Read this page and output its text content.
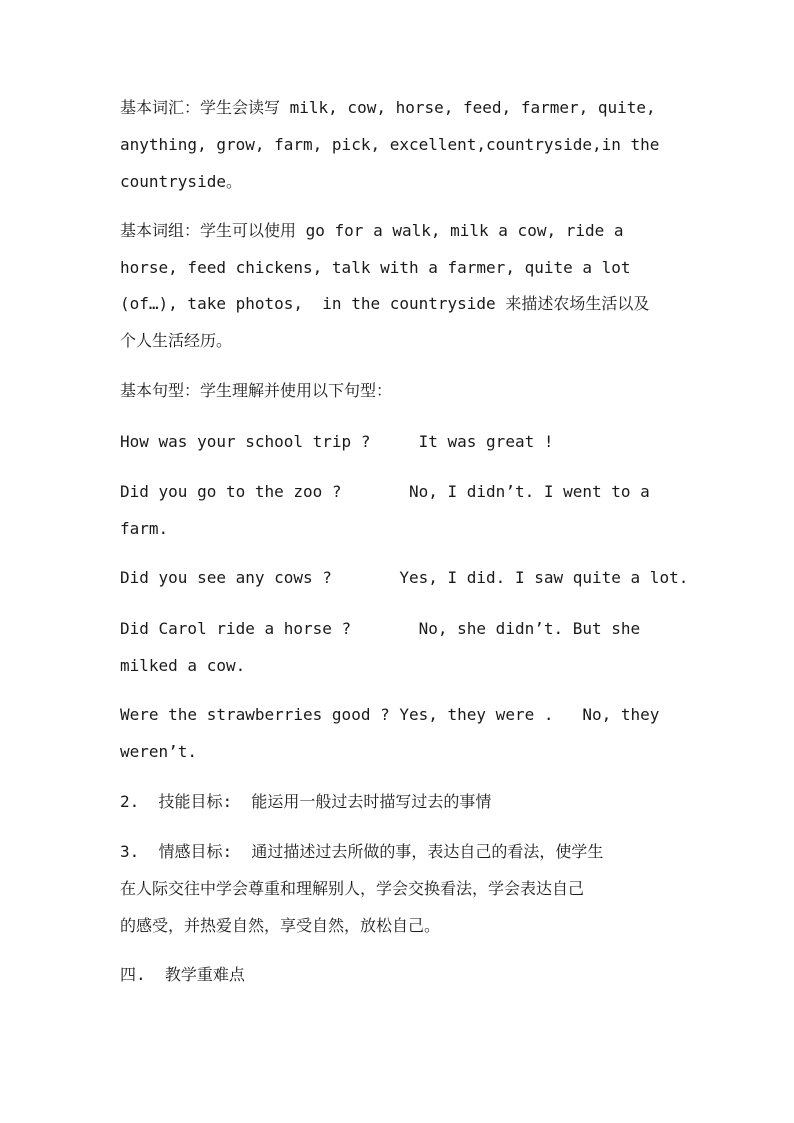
基本词汇：学生会读写 milk, cow, horse, feed, farmer, quite,
anything, grow, farm, pick, excellent,countryside,in the
countryside。
基本词组：学生可以使用 go for a walk, milk a cow, ride a
horse, feed chickens, talk with a farmer, quite a lot
(of…), take photos,  in the countryside 来描述农场生活以及
个人生活经历。
基本句型：学生理解并使用以下句型：
How was your school trip ?     It was great !
Did you go to the zoo ?       No, I didn’t. I went to a
farm.
Did you see any cows ?       Yes, I did. I saw quite a lot.
Did Carol ride a horse ?       No, she didn’t. But she
milked a cow.
Were the strawberries good ? Yes, they were .   No, they
weren’t.
2.  技能目标:  能运用一般过去时描写过去的事情
3.  情感目标:  通过描述过去所做的事，表达自己的看法，使学生
在人际交往中学会尊重和理解别人，学会交换看法，学会表达自己
的感受，并热爱自然，享受自然，放松自己。
四.  教学重难点
